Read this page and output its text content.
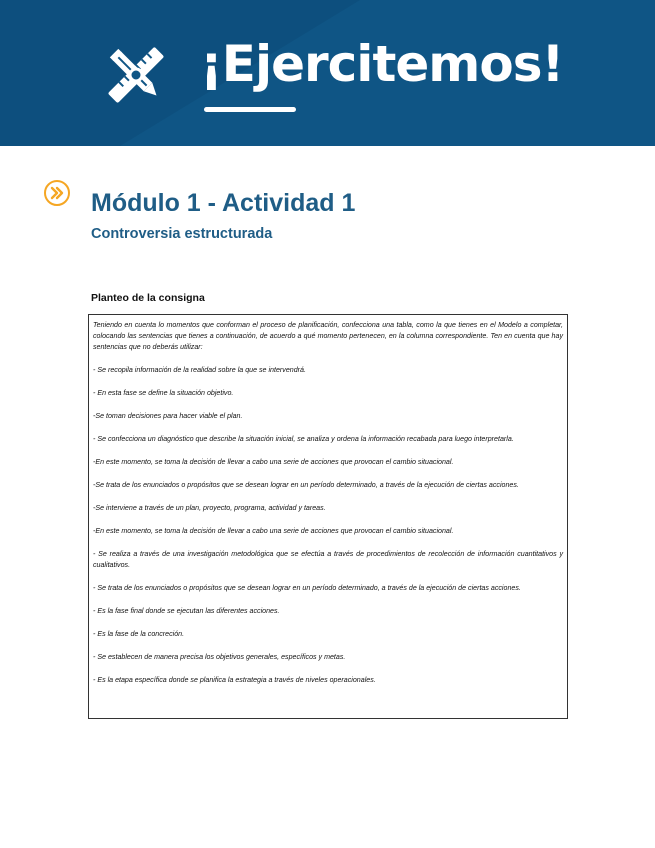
¡Ejercitemos!
Módulo 1 - Actividad 1
Controversia estructurada
Planteo de la consigna

Teniendo en cuenta lo momentos que conforman el proceso de planificación, confecciona una tabla, como la que tienes en el Modelo a completar, colocando las sentencias que tienes a continuación, de acuerdo a qué momento pertenecen, en la columna correspondiente. Ten en cuenta que hay sentencias que no deberás utilizar:

- Se recopila información de la realidad sobre la que se intervendrá.

- En esta fase se define la situación objetivo.

-Se toman decisiones para hacer viable el plan.

- Se confecciona un diagnóstico que describe la situación inicial, se analiza y ordena la información recabada para luego interpretarla.

-En este momento, se toma la decisión de llevar a cabo una serie de acciones que provocan el cambio situacional.

-Se trata de los enunciados o propósitos que se desean lograr en un período determinado, a través de la ejecución de ciertas acciones.

-Se interviene a través de un plan, proyecto, programa, actividad y tareas.

-En este momento, se toma la decisión de llevar a cabo una serie de acciones que provocan el cambio situacional.

- Se realiza a través de una investigación metodológica que se efectúa a través de procedimientos de recolección de información cuantitativos y cualitativos.

- Se trata de los enunciados o propósitos que se desean lograr en un período determinado, a través de la ejecución de ciertas acciones.

- Es la fase final donde se ejecutan las diferentes acciones.

- Es la fase de la concreción.

- Se establecen de manera precisa los objetivos generales, específicos y metas.

- Es la etapa específica donde se planifica la estrategia a través de niveles operacionales.
